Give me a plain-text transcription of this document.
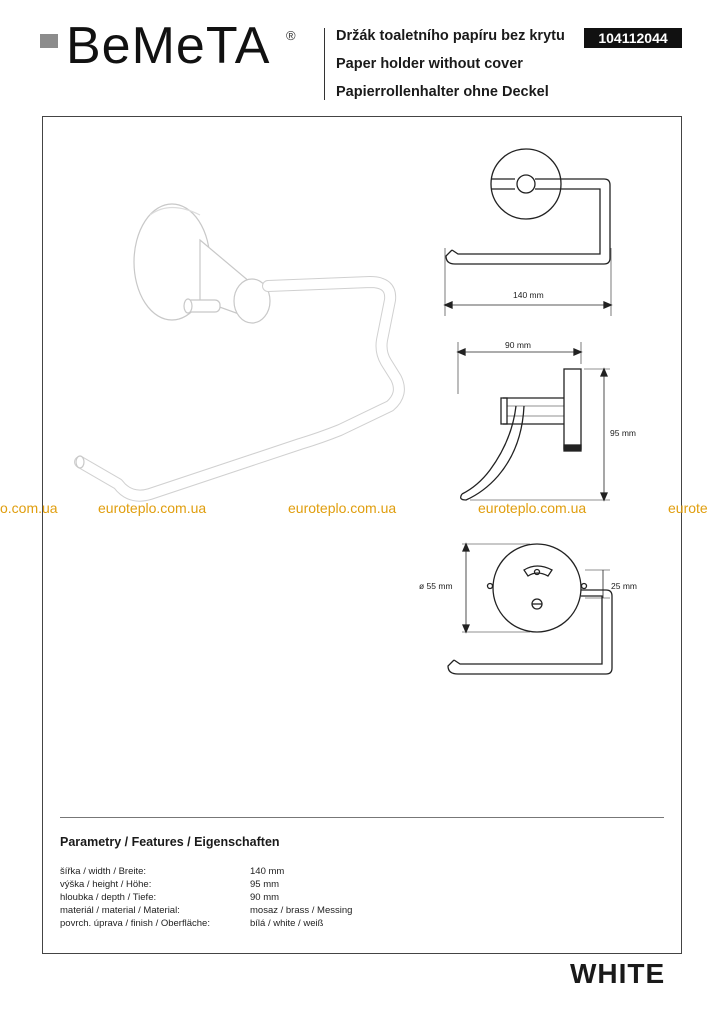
BeMeTA ®	Držák toaletního papíru bez krytu
Paper holder without cover
Papierrollenhalter ohne Deckel
104112044
140 mm
90 mm
95 mm
ø 55 mm	25 mm
o.com.ua	euroteplo.com.ua	euroteplo.com.ua	euroteplo.com.ua	eurote
Parametry / Features / Eigenschaften
šířka / width / Breite:	140 mm
výška / height / Höhe:	95 mm
hloubka / depth / Tiefe:	90 mm
materiál / material / Material:	mosaz / brass / Messing
povrch. úprava / finish / Oberfläche:	bílá / white / weiß
WHITE
